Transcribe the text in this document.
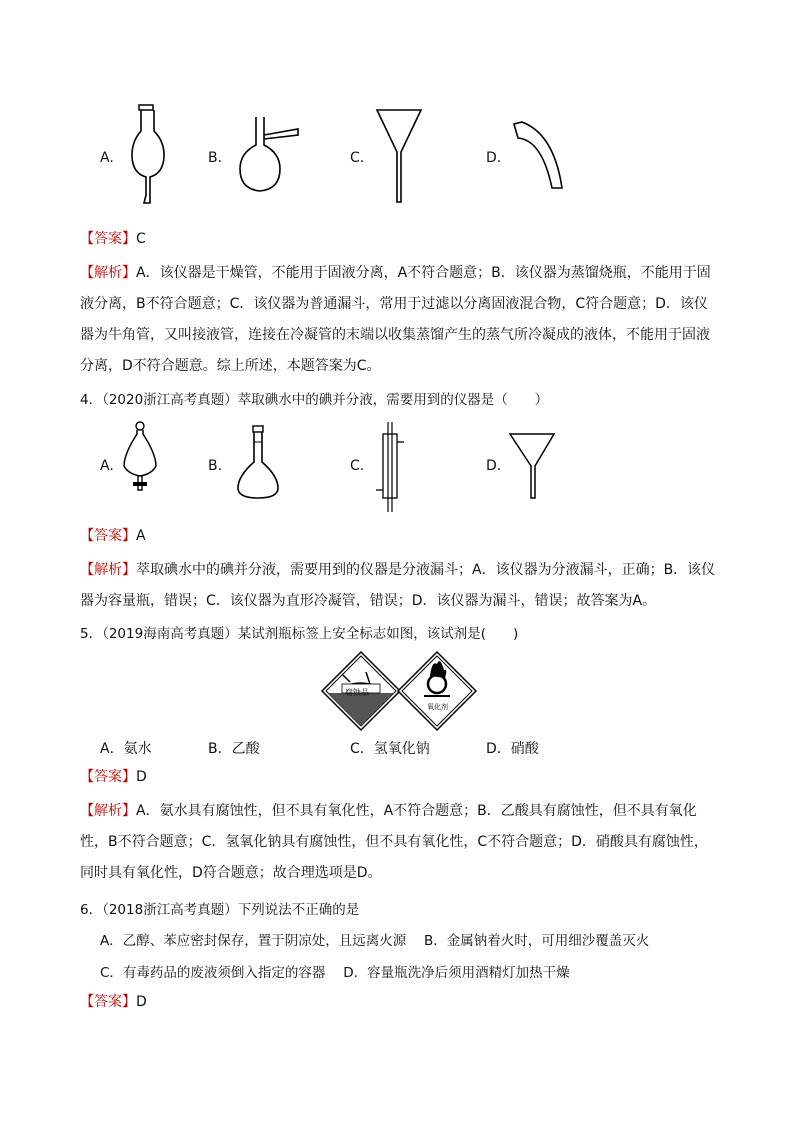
A.	B.	C.	D.
【答案】C
【解析】A．该仪器是干燥管，不能用于固液分离，A不符合题意；B．该仪器为蒸馏烧瓶，不能用于固液分离，B不符合题意；C．该仪器为普通漏斗，常用于过滤以分离固液混合物，C符合题意；D．该仪器为牛角管，又叫接液管，连接在冷凝管的末端以收集蒸馏产生的蒸气所冷凝成的液体，不能用于固液分离，D不符合题意。综上所述，本题答案为C。
4．（2020浙江高考真题）萃取碘水中的碘并分液，需要用到的仪器是（　　）
A.	B.	C.	D.
【答案】A
【解析】萃取碘水中的碘并分液，需要用到的仪器是分液漏斗；A．该仪器为分液漏斗，正确；B．该仪器为容量瓶，错误；C．该仪器为直形冷凝管，错误；D．该仪器为漏斗，错误；故答案为A。
5．（2019海南高考真题）某试剂瓶标签上安全标志如图，该试剂是(　　)
腐蚀品
氧化剂
A．氨水	B．乙酸	C．氢氧化钠	D．硝酸
【答案】D
【解析】A．氨水具有腐蚀性，但不具有氧化性，A不符合题意；B．乙酸具有腐蚀性，但不具有氧化性，B不符合题意；C．氢氧化钠具有腐蚀性，但不具有氧化性，C不符合题意；D．硝酸具有腐蚀性，同时具有氧化性，D符合题意；故合理选项是D。
6．（2018浙江高考真题）下列说法不正确的是
A．乙醇、苯应密封保存，置于阴凉处，且远离火源　 B．金属钠着火时，可用细沙覆盖灭火
C．有毒药品的废液须倒入指定的容器　 D．容量瓶洗净后须用酒精灯加热干燥
【答案】D
